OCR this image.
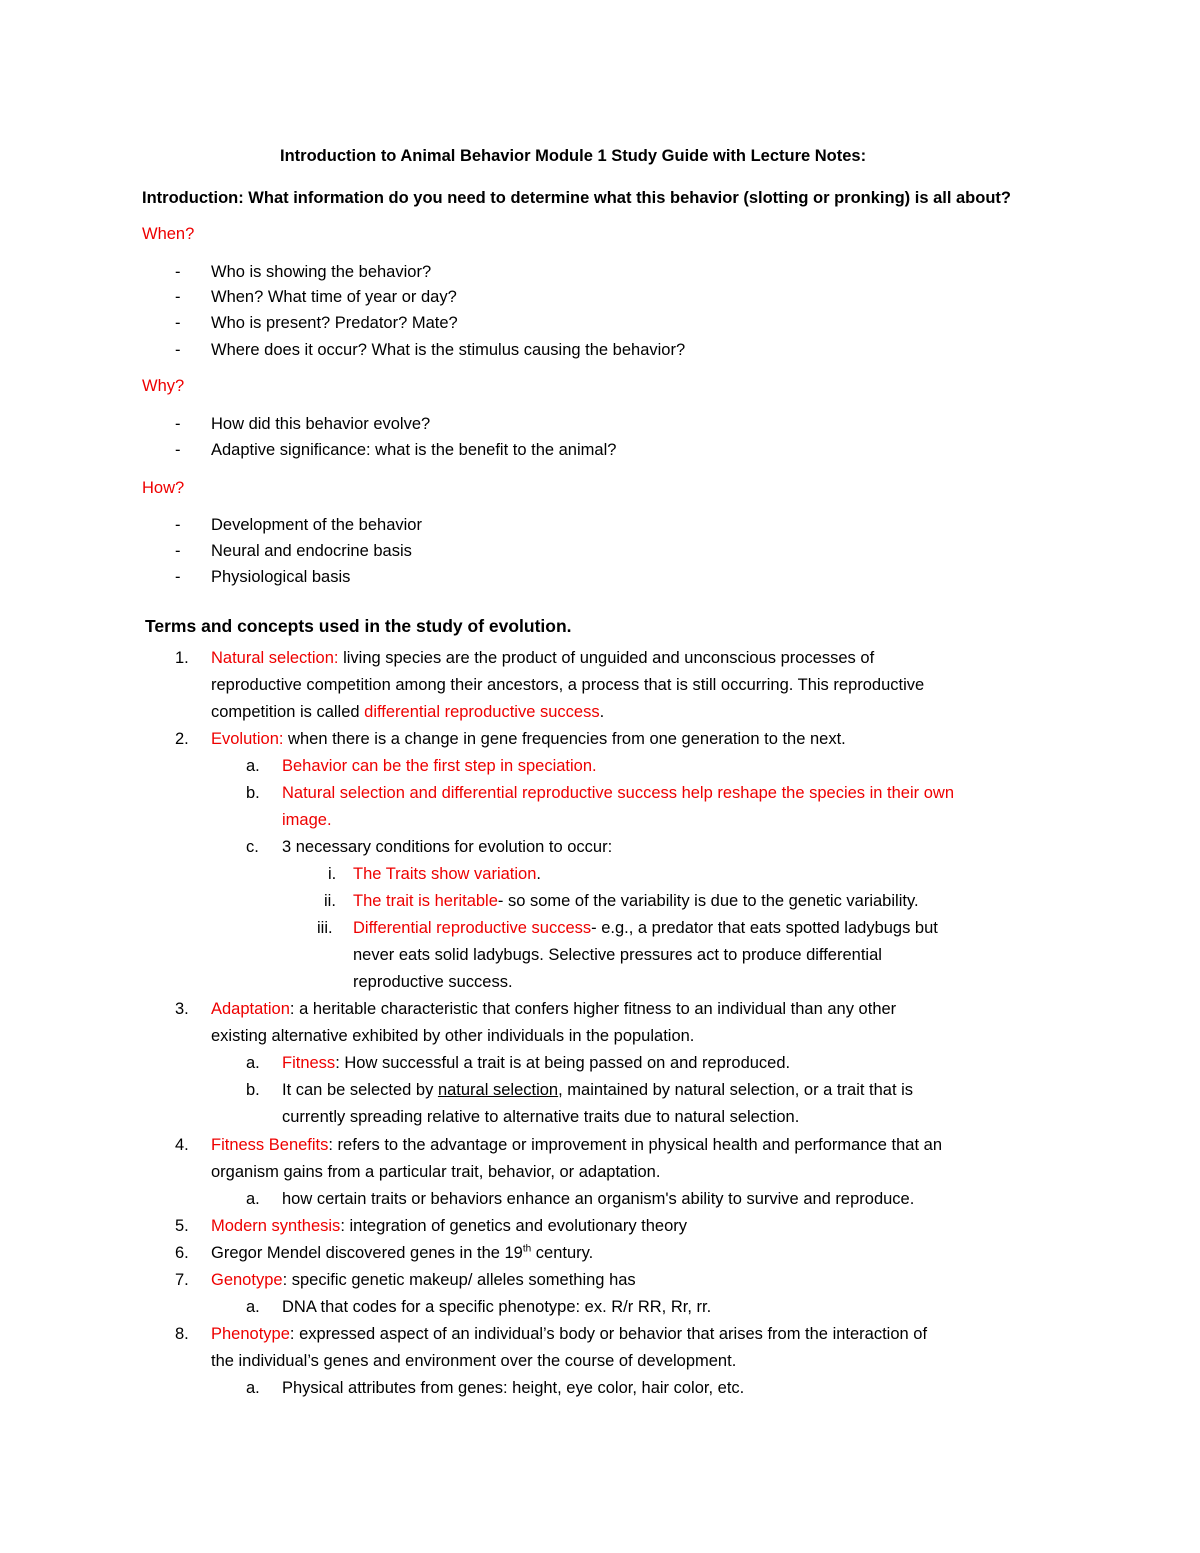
Introduction to Animal Behavior Module 1 Study Guide with Lecture Notes:
Introduction: What information do you need to determine what this behavior (slotting or pronking) is all about?
When?
- Who is showing the behavior?
- When? What time of year or day?
- Who is present? Predator? Mate?
- Where does it occur? What is the stimulus causing the behavior?
Why?
- How did this behavior evolve?
- Adaptive significance: what is the benefit to the animal?
How?
- Development of the behavior
- Neural and endocrine basis
- Physiological basis
Terms and concepts used in the study of evolution.
1. Natural selection: living species are the product of unguided and unconscious processes of
reproductive competition among their ancestors, a process that is still occurring. This reproductive
competition is called differential reproductive success.
2. Evolution: when there is a change in gene frequencies from one generation to the next.
a. Behavior can be the first step in speciation.
b. Natural selection and differential reproductive success help reshape the species in their own
image.
c. 3 necessary conditions for evolution to occur:
i. The Traits show variation.
ii. The trait is heritable- so some of the variability is due to the genetic variability.
iii. Differential reproductive success- e.g., a predator that eats spotted ladybugs but
never eats solid ladybugs. Selective pressures act to produce differential
reproductive success.
3. Adaptation: a heritable characteristic that confers higher fitness to an individual than any other
existing alternative exhibited by other individuals in the population.
a. Fitness: How successful a trait is at being passed on and reproduced.
b. It can be selected by natural selection, maintained by natural selection, or a trait that is
currently spreading relative to alternative traits due to natural selection.
4. Fitness Benefits: refers to the advantage or improvement in physical health and performance that an
organism gains from a particular trait, behavior, or adaptation.
a. how certain traits or behaviors enhance an organism's ability to survive and reproduce.
5. Modern synthesis: integration of genetics and evolutionary theory
6. Gregor Mendel discovered genes in the 19th century.
7. Genotype: specific genetic makeup/ alleles something has
a. DNA that codes for a specific phenotype: ex. R/r RR, Rr, rr.
8. Phenotype: expressed aspect of an individual’s body or behavior that arises from the interaction of
the individual’s genes and environment over the course of development.
a. Physical attributes from genes: height, eye color, hair color, etc.
